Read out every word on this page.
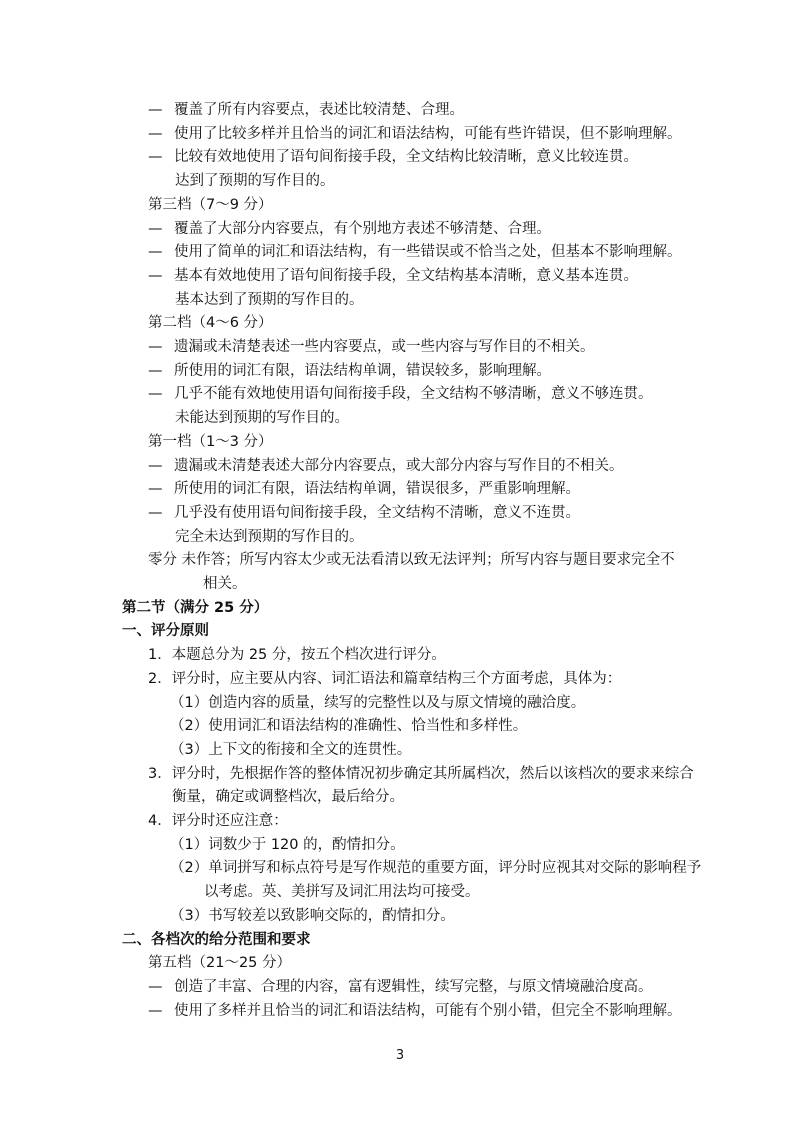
3
— 覆盖了所有内容要点，表述比较清楚、合理。
— 使用了比较多样并且恰当的词汇和语法结构，可能有些许错误，但不影响理解。
— 比较有效地使用了语句间衔接手段，全文结构比较清晰，意义比较连贯。
达到了预期的写作目的。
第三档（7～9 分）
— 覆盖了大部分内容要点，有个别地方表述不够清楚、合理。
— 使用了简单的词汇和语法结构，有一些错误或不恰当之处，但基本不影响理解。
— 基本有效地使用了语句间衔接手段，全文结构基本清晰，意义基本连贯。
基本达到了预期的写作目的。
第二档（4～6 分）
— 遗漏或未清楚表述一些内容要点，或一些内容与写作目的不相关。
— 所使用的词汇有限，语法结构单调，错误较多，影响理解。
— 几乎不能有效地使用语句间衔接手段，全文结构不够清晰，意义不够连贯。
未能达到预期的写作目的。
第一档（1～3 分）
— 遗漏或未清楚表述大部分内容要点，或大部分内容与写作目的不相关。
— 所使用的词汇有限，语法结构单调，错误很多，严重影响理解。
— 几乎没有使用语句间衔接手段，全文结构不清晰，意义不连贯。
完全未达到预期的写作目的。
零分 未作答；所写内容太少或无法看清以致无法评判；所写内容与题目要求完全不
相关。
第二节（满分 25 分）
一、评分原则
1．本题总分为 25 分，按五个档次进行评分。
2．评分时，应主要从内容、词汇语法和篇章结构三个方面考虑，具体为：
（1）创造内容的质量，续写的完整性以及与原文情境的融洽度。
（2）使用词汇和语法结构的准确性、恰当性和多样性。
（3）上下文的衔接和全文的连贯性。
3．评分时，先根据作答的整体情况初步确定其所属档次，然后以该档次的要求来综合
衡量，确定或调整档次，最后给分。
4．评分时还应注意：
（1）词数少于 120 的，酌情扣分。
（2）单词拼写和标点符号是写作规范的重要方面，评分时应视其对交际的影响程予
以考虑。英、美拼写及词汇用法均可接受。
（3）书写较差以致影响交际的，酌情扣分。
二、各档次的给分范围和要求
第五档（21～25 分）
— 创造了丰富、合理的内容，富有逻辑性，续写完整，与原文情境融洽度高。
— 使用了多样并且恰当的词汇和语法结构，可能有个别小错，但完全不影响理解。
